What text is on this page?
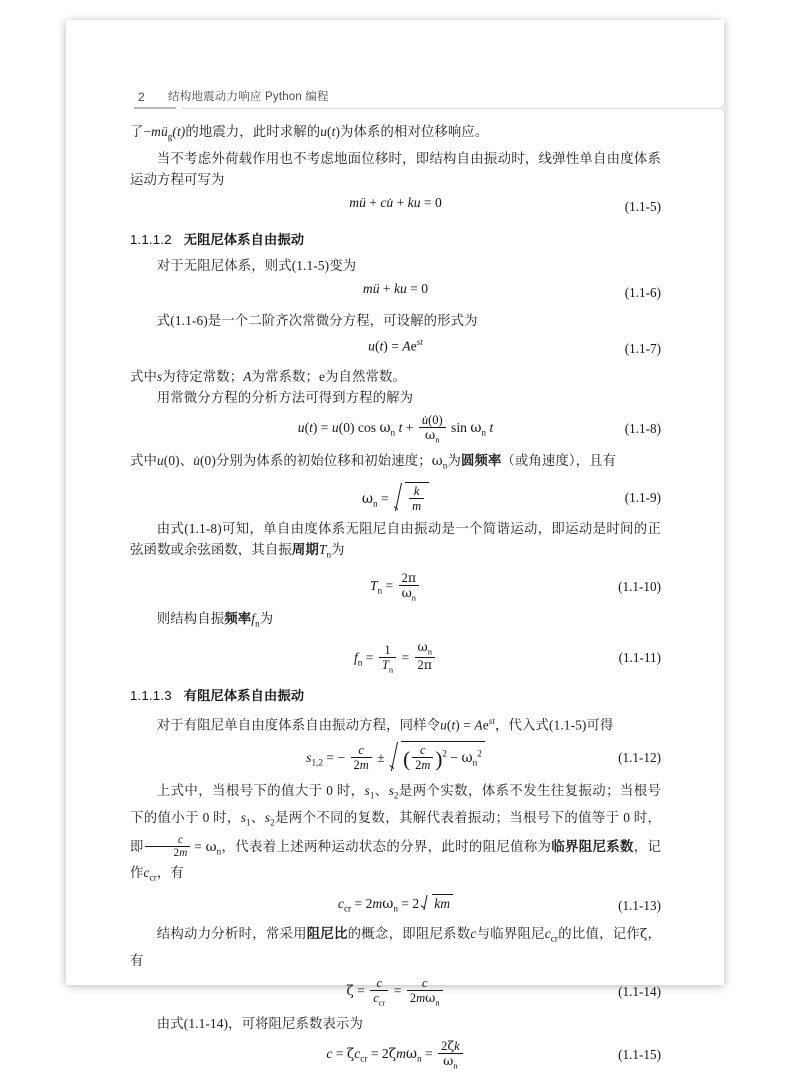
2	结构地震动力响应 Python 编程

了$-mü_g(t)$的地震力，此时求解的u(t)为体系的相对位移响应。

当不考虑外荷载作用也不考虑地面位移时，即结构自由振动时，线弹性单自由度体系运动方程可写为

mü + cu̇ + ku = 0	(1.1-5)
1.1.1.2 无阻尼体系自由振动

对于无阻尼体系，则式(1.1-5)变为

mü + ku = 0	(1.1-6)

式(1.1-6)是一个二阶齐次常微分方程，可设解的形式为

$u(t) = Ae^{st}$	(1.1-7)

式中s为待定常数；A为常系数；e为自然常数。

用常微分方程的分析方法可得到方程的解为

u(t) = u(0) $\cos \omega_n$ $t + \frac{u̇(0)}{\omega_n}$ $\sin \omega_n$ t	(1.1-8)

式中u(0)、u̇(0)分别为体系的初始位移和初始速度；$\omega_n$为圆频率（或角速度），且有

$\omega_n = \frac{k}{m}$	(1.1-9)

由式(1.1-8)可知，单自由度体系无阻尼自由振动是一个简谐运动，即运动是时间的正弦函数或余弦函数，其自振周期$T_n$为

$T_n = \frac{2\pi}{\omega_n}$	(1.1-10)

则结构自振频率$f_n$为

$f_n = \frac{1}{T_n} = \frac{\omega_n}{2\pi}$	(1.1-11)
1.1.1.3 有阻尼体系自由振动

对于有阻尼单自由度体系自由振动方程，同样令$u(t) = Ae^{st}$，代入式(1.1-5)可得

$s_{1,2}$ = − $\frac{c}{2m}$ ± ( $\frac{c}{2m} )^2 - \omega_n^2$	(1.1-12)

上式中，当根号下的值大于 0 时，$s_1$、$s_2$是两个实数，体系不发生往复振动；当根号下的值小于 0 时，$s_1$、$s_2$是两个不同的复数，其解代表着振动；当根号下的值等于 0 时，即 $\frac{c}{2m} = \omega_n$，代表着上述两种运动状态的分界，此时的阻尼值称为临界阻尼系数，记作$c_{cr}$，有

$c_{cr} = 2m\omega_n = 2$ km	(1.1-13)

结构动力分析时，常采用阻尼比的概念，即阻尼系数c与临界阻尼$c_{cr}$的比值，记作ζ，有

$\zeta = \frac{c}{c_{cr}} = \frac{c}{2m\omega_n}$	(1.1-14)

由式(1.1-14)，可将阻尼系数表示为

$c = \zeta c_{cr} = 2\zeta m\omega_n = \frac{2\zeta k}{\omega_n}$	(1.1-15)
